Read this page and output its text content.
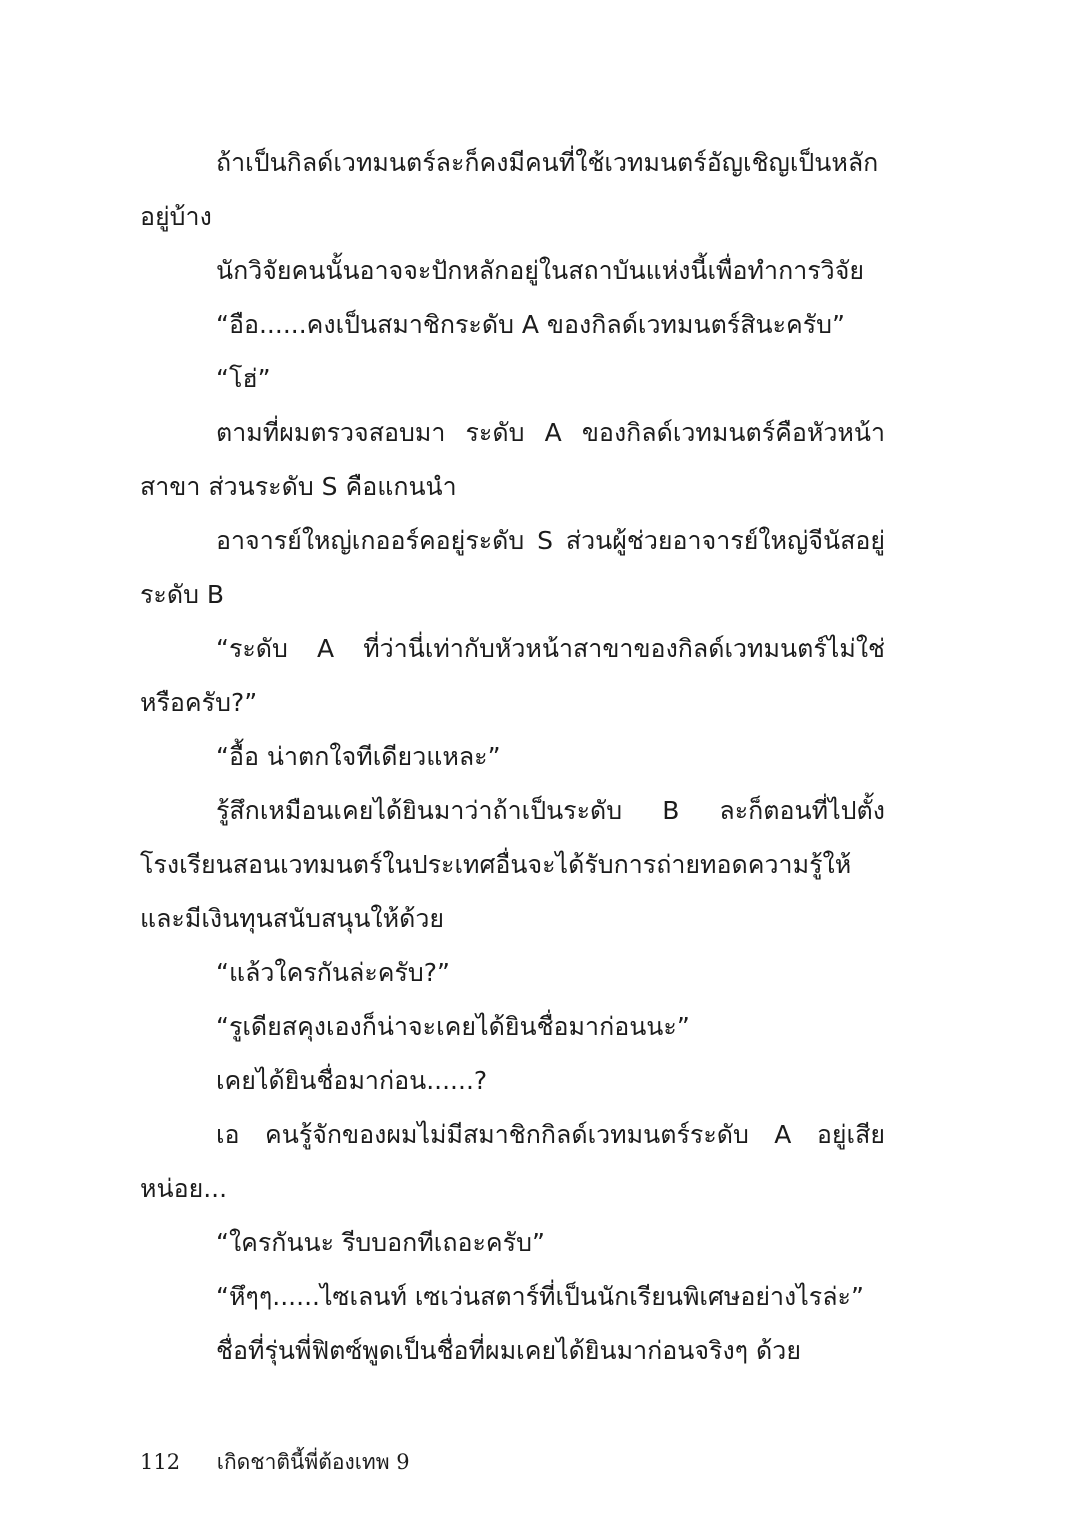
ถ้าเป็นกิลด์เวทมนตร์ละก็คงมีคนที่ใช้เวทมนตร์อัญเชิญเป็นหลักอยู่บ้าง

นักวิจัยคนนั้นอาจจะปักหลักอยู่ในสถาบันแห่งนี้เพื่อทำการวิจัย

“อือ......คงเป็นสมาชิกระดับ A ของกิลด์เวทมนตร์สินะครับ”

“โฮ่”

ตามที่ผมตรวจสอบมา ระดับ A ของกิลด์เวทมนตร์คือหัวหน้าสาขา ส่วนระดับ S คือแกนนำ

อาจารย์ใหญ่เกออร์คอยู่ระดับ S ส่วนผู้ช่วยอาจารย์ใหญ่จีนัสอยู่ระดับ B

“ระดับ A ที่ว่านี่เท่ากับหัวหน้าสาขาของกิลด์เวทมนตร์ไม่ใช่หรือครับ?”

“อื้อ น่าตกใจทีเดียวแหละ”

รู้สึกเหมือนเคยได้ยินมาว่าถ้าเป็นระดับ B ละก็ตอนที่ไปตั้งโรงเรียนสอนเวทมนตร์ในประเทศอื่นจะได้รับการถ่ายทอดความรู้ให้และมีเงินทุนสนับสนุนให้ด้วย

“แล้วใครกันล่ะครับ?”

“รูเดียสคุงเองก็น่าจะเคยได้ยินชื่อมาก่อนนะ”

เคยได้ยินชื่อมาก่อน......?

เอ คนรู้จักของผมไม่มีสมาชิกกิลด์เวทมนตร์ระดับ A อยู่เสียหน่อย...

“ใครกันนะ รีบบอกทีเถอะครับ”

“หึๆๆ......ไซเลนท์ เซเว่นสตาร์ที่เป็นนักเรียนพิเศษอย่างไรล่ะ”

ชื่อที่รุ่นพี่ฟิตซ์พูดเป็นชื่อที่ผมเคยได้ยินมาก่อนจริงๆ ด้วย

112 เกิดชาตินี้พี่ต้องเทพ 9
